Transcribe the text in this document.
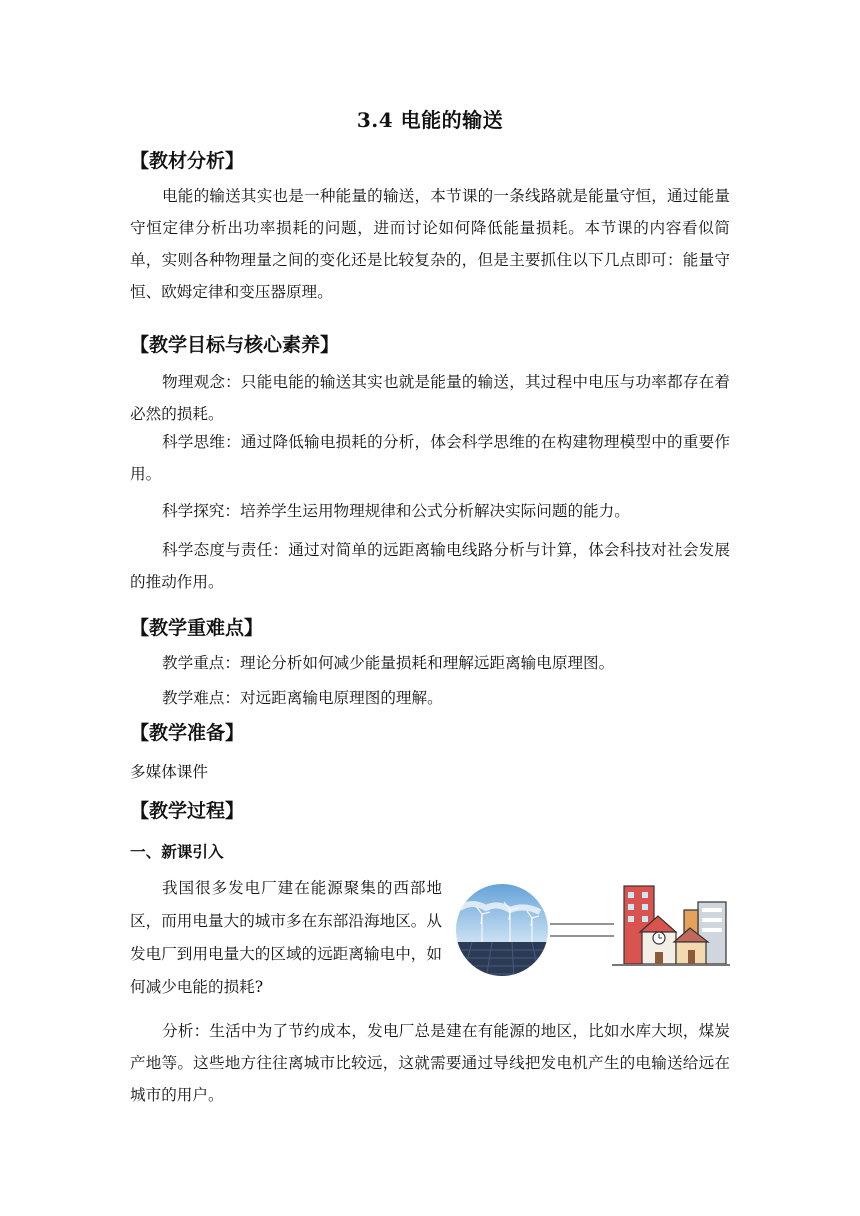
3.4 电能的输送
【教材分析】
电能的输送其实也是一种能量的输送，本节课的一条线路就是能量守恒，通过能量守恒定律分析出功率损耗的问题，进而讨论如何降低能量损耗。本节课的内容看似简单，实则各种物理量之间的变化还是比较复杂的，但是主要抓住以下几点即可：能量守恒、欧姆定律和变压器原理。
【教学目标与核心素养】
物理观念：只能电能的输送其实也就是能量的输送，其过程中电压与功率都存在着必然的损耗。
科学思维：通过降低输电损耗的分析，体会科学思维的在构建物理模型中的重要作用。
科学探究：培养学生运用物理规律和公式分析解决实际问题的能力。
科学态度与责任：通过对简单的远距离输电线路分析与计算，体会科技对社会发展的推动作用。
【教学重难点】
教学重点：理论分析如何减少能量损耗和理解远距离输电原理图。
教学难点：对远距离输电原理图的理解。
【教学准备】
多媒体课件
【教学过程】
一、新课引入
我国很多发电厂建在能源聚集的西部地区，而用电量大的城市多在东部沿海地区。从发电厂到用电量大的区域的远距离输电中，如何减少电能的损耗?
分析：生活中为了节约成本，发电厂总是建在有能源的地区，比如水库大坝，煤炭产地等。这些地方往往离城市比较远，这就需要通过导线把发电机产生的电输送给远在城市的用户。
